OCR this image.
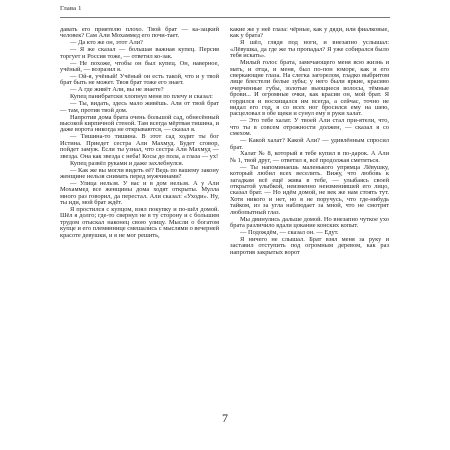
Глава 1

давать его приятелю плохо. Твой брат — ка-зацкий человек? Сам Али Мохаммед его почи-тает.

— Да кто же он, этот Али?

— Я же сказал — большая важная купец. Персия торгует и Россия тоже, — ответил ко-зак.

— Не похоже, чтобы он был купец. Он, наверное, учёный, — возразил я.

— Ой-я, учёный! Учёный он есть такой, что и у твой брат быть не может. Твоя брат тоже его знает.

— А где живёт Али, вы не знаете?

Купец панибратски хлопнул меня по плечу и сказал:

— Ты, видать, здесь мало живёшь. Али от твой брат — там, против твой дом.

Напротив дома брата очень большой сад, обнесённый высокой кирпичной стеной. Там всегда мёртвая тишина, и даже ворота никогда не открываются, — сказал я.

— Тишина-то тишина. В этот сад ходит ты бог Истина. Приедет сестра Али Махмуд. Будет сговор, пойдет замуж. Если ты узнал, что сестра Али Махмуд — звезда. Она как звезда с неба! Косы до пола, а глаза — ух!

Купец развёл руками и даже захлебнулся.

— Как же вы могли видеть её? Ведь по вашему закону женщине нельзя снимать перед мужчинами?

— Улица нельзя. У вас и в дом нельзя. А у Али Мохаммед все женщины дома ходят открыты. Мулла много раз говорил, да перестал. Али сказал: «Уходи». Ну, ты иди, мой брат ждёт.

Я простился с купцом, взял покупку и по-шёл домой. Шёл я долго; где-то свернул не в ту сторону и с большим трудом отыскал наконец свою улицу. Мысли о богатом купце и его племяннице смешались с мыслями о вечерней красоте девушки, и я не мог решить,

какие же у неё глаза: чёрные, как у дяди, или фиалковые, как у брата?

Я шёл, глядя под ноги, и внезапно услышал: «Лёвушка, да где же ты пропадал? Я уже собирался было тебя искать».

Милый голос брата, замечающего меня всю жизнь и мать, и отца, и меня, был по-пон юморе, как и его сверкающие глаза. На слегка загорелом, гладко выбритом лице блестели белые зубы; у него были яркие, красиво очерченные губы, золотые вьющиеся волосы, тёмные брови... И огромные очки, как красив он, мой брат. Я гордился и восхищался им всегда, а сейчас, точно не видал его год, я со всех ног бросился ему на шею, расцеловал в обе щеки и сунул ему в руки халат.

— Это тебе халат. У твоей Али стал при-ятели, что, что ты в совсем отрожности должен, — сказал я со смехом.

— Какой халат? Какой Али? — удивлённым спросил брат.

Халат № 8, который я тебе купил в по-дарок. А Али № 1, твой друг, — ответил я, всё продолжая сметиться.

— Ты напоминаешь маленького упрямца Лёвушку, который любил всех веселить. Вижу, что любовь к загадкам всё ещё жива в тебе, — улыбаясь своей открытой улыбкой, неизменно неизменившей его лицо, сказал брат. — Но идём домой, не век же нам стоять тут. Хотя никого и нет, но я не поручусь, что где-нибудь тайком, из за угла наблюдает за мной, что не смотрят любопытный глаз.

Мы двинулись дальше домой. Но внезапно чуткое ухо брата различило вдали цокание конских копыт.

— Подождём, — сказал он. — Едут.

Я ничего не слышал. Брат взял меня за руку и заставил отступить под огромным деревом, как раз напротив закрытых ворот

7
